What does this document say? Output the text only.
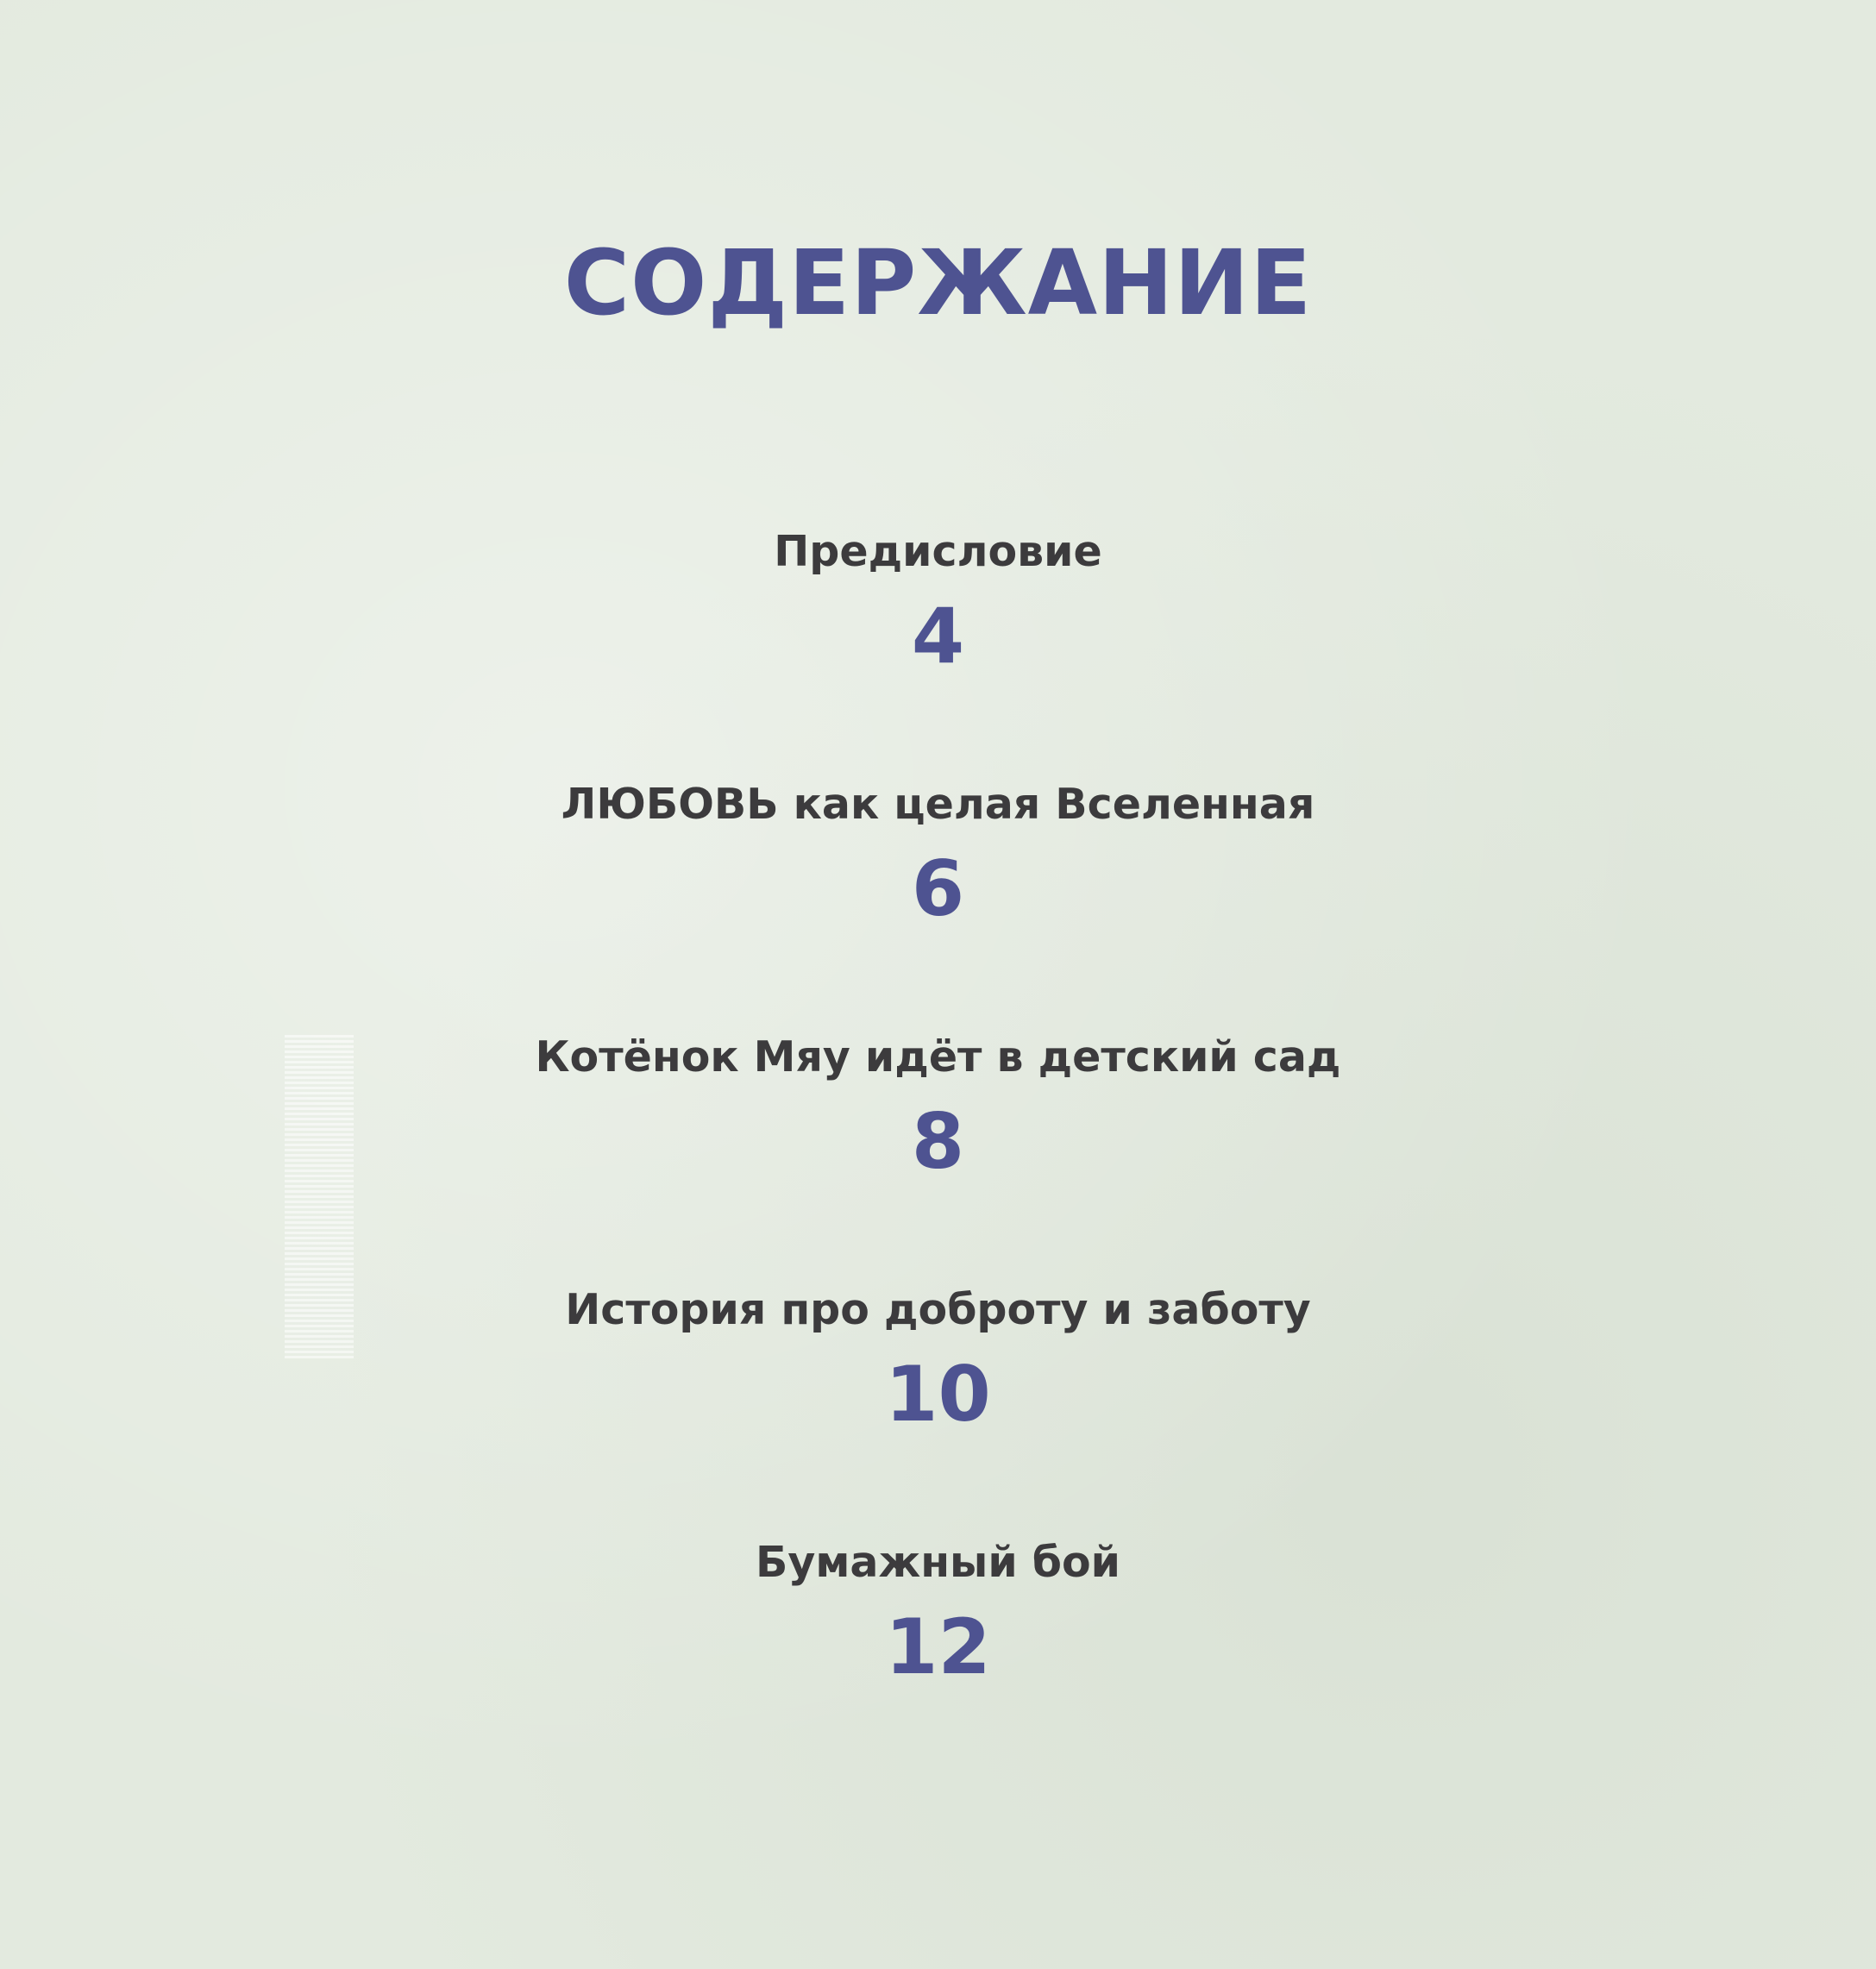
СОДЕРЖАНИЕ
Предисловие
4
ЛЮБОВЬ как целая Вселенная
6
Котёнок Мяу идёт в детский сад
8
История про доброту и заботу
10
Бумажный бой
12
